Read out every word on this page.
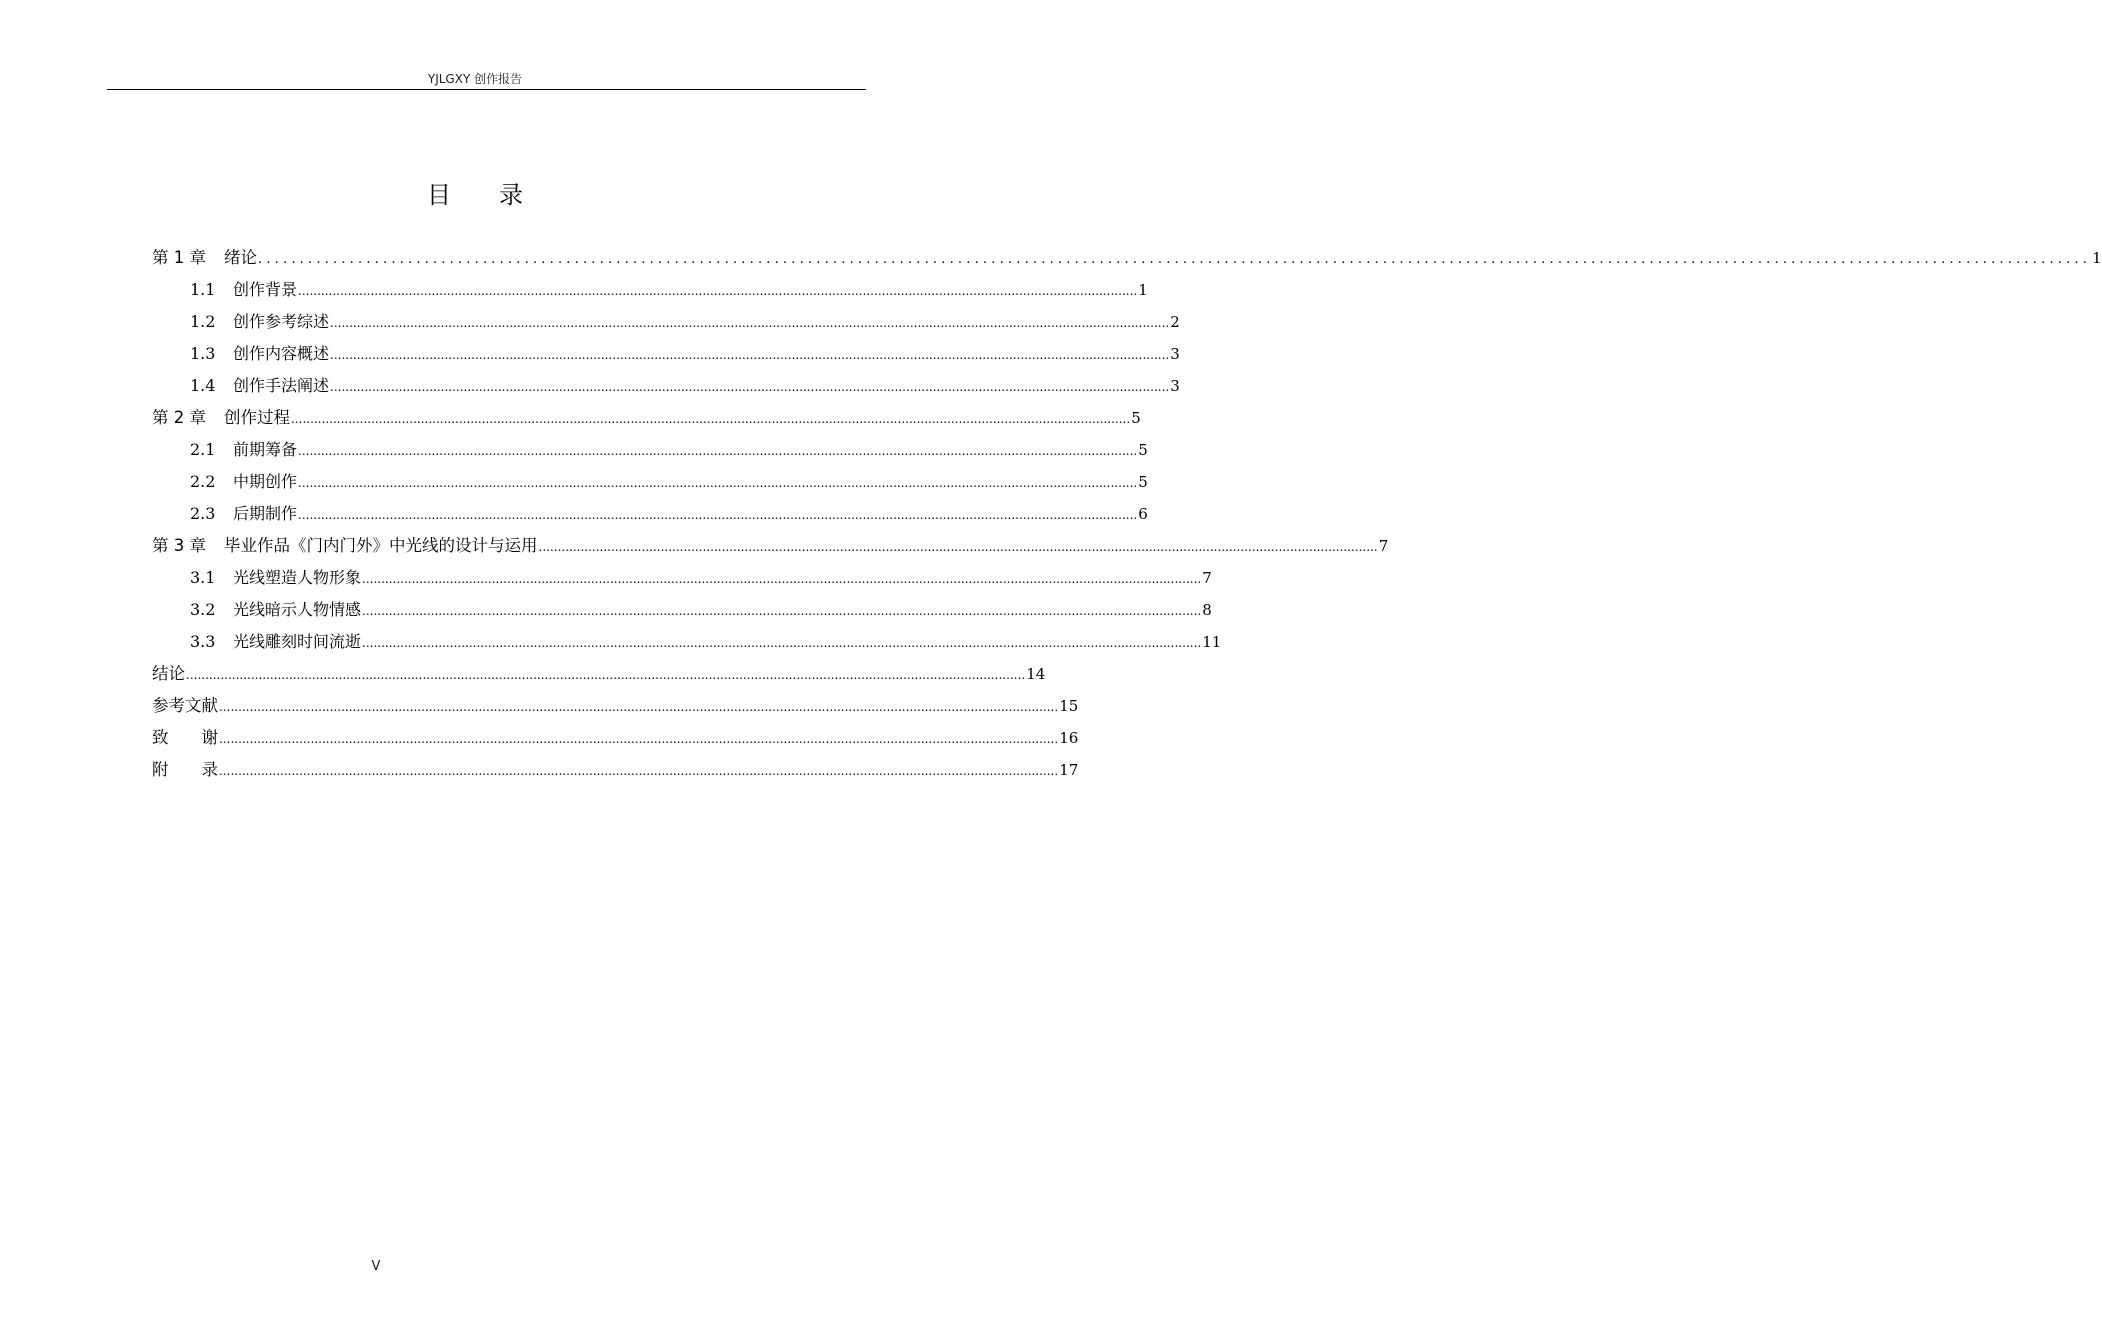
YJLGXY 创作报告
目 录
第 1 章 绪论 ............................................................................................................................................................................................................................ 1
1.1 创作背景 ............................................................................................................................................................................................................................ 1
1.2 创作参考综述 ............................................................................................................................................................................................................................ 2
1.3 创作内容概述 ............................................................................................................................................................................................................................ 3
1.4 创作手法阐述 ............................................................................................................................................................................................................................ 3
第 2 章 创作过程 ............................................................................................................................................................................................................................ 5
2.1 前期筹备 ............................................................................................................................................................................................................................ 5
2.2 中期创作 ............................................................................................................................................................................................................................ 5
2.3 后期制作 ............................................................................................................................................................................................................................ 6
第 3 章 毕业作品《门内门外》中光线的设计与运用 ............................................................................................................................................................................................................................ 7
3.1 光线塑造人物形象 ............................................................................................................................................................................................................................ 7
3.2 光线暗示人物情感 ............................................................................................................................................................................................................................ 8
3.3 光线雕刻时间流逝 ............................................................................................................................................................................................................................ 11
结论 ............................................................................................................................................................................................................................ 14
参考文献 ............................................................................................................................................................................................................................ 15
致　　谢 ............................................................................................................................................................................................................................ 16
附　　录 ............................................................................................................................................................................................................................ 17
V
